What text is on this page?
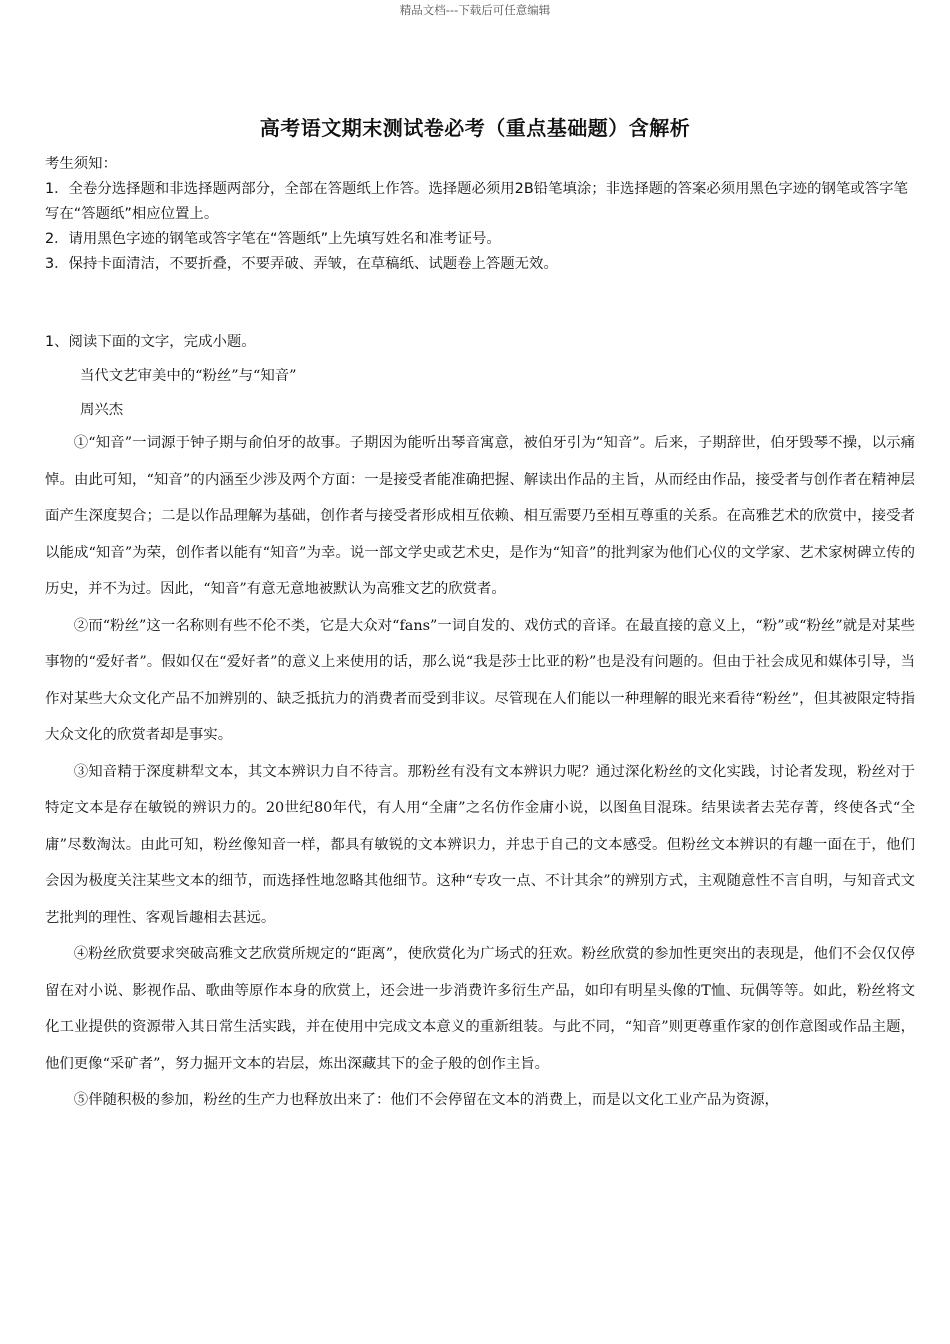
精品文档---下载后可任意编辑
高考语文期末测试卷必考（重点基础题）含解析
考生须知：
1．全卷分选择题和非选择题两部分，全部在答题纸上作答。选择题必须用2B铅笔填涂；非选择题的答案必须用黑色字迹的钢笔或答字笔写在“答题纸”相应位置上。
2．请用黑色字迹的钢笔或答字笔在“答题纸”上先填写姓名和准考证号。
3．保持卡面清洁，不要折叠，不要弄破、弄皱，在草稿纸、试题卷上答题无效。
1、阅读下面的文字，完成小题。
当代文艺审美中的“粉丝”与“知音”
周兴杰

①“知音”一词源于钟子期与俞伯牙的故事。子期因为能听出琴音寓意，被伯牙引为“知音”。后来，子期辞世，伯牙毁琴不操，以示痛悼。由此可知，“知音”的内涵至少涉及两个方面：一是接受者能准确把握、解读出作品的主旨，从而经由作品，接受者与创作者在精神层面产生深度契合；二是以作品理解为基础，创作者与接受者形成相互依赖、相互需要乃至相互尊重的关系。在高雅艺术的欣赏中，接受者以能成“知音”为荣，创作者以能有“知音”为幸。说一部文学史或艺术史，是作为“知音”的批判家为他们心仪的文学家、艺术家树碑立传的历史，并不为过。因此，“知音”有意无意地被默认为高雅文艺的欣赏者。

②而“粉丝”这一名称则有些不伦不类，它是大众对“fans”一词自发的、戏仿式的音译。在最直接的意义上，“粉”或“粉丝”就是对某些事物的“爱好者”。假如仅在“爱好者”的意义上来使用的话，那么说“我是莎士比亚的粉”也是没有问题的。但由于社会成见和媒体引导，当作对某些大众文化产品不加辨别的、缺乏抵抗力的消费者而受到非议。尽管现在人们能以一种理解的眼光来看待“粉丝”，但其被限定特指大众文化的欣赏者却是事实。

③知音精于深度耕犁文本，其文本辨识力自不待言。那粉丝有没有文本辨识力呢？通过深化粉丝的文化实践，讨论者发现，粉丝对于特定文本是存在敏锐的辨识力的。20世纪80年代，有人用“全庸”之名仿作金庸小说，以图鱼目混珠。结果读者去芜存菁，终使各式“全庸”尽数淘汰。由此可知，粉丝像知音一样，都具有敏锐的文本辨识力，并忠于自己的文本感受。但粉丝文本辨识的有趣一面在于，他们会因为极度关注某些文本的细节，而选择性地忽略其他细节。这种“专攻一点、不计其余”的辨别方式，主观随意性不言自明，与知音式文艺批判的理性、客观旨趣相去甚远。

④粉丝欣赏要求突破高雅文艺欣赏所规定的“距离”，使欣赏化为广场式的狂欢。粉丝欣赏的参加性更突出的表现是，他们不会仅仅停留在对小说、影视作品、歌曲等原作本身的欣赏上，还会进一步消费许多衍生产品，如印有明星头像的T恤、玩偶等等。如此，粉丝将文化工业提供的资源带入其日常生活实践，并在使用中完成文本意义的重新组装。与此不同，“知音”则更尊重作家的创作意图或作品主题，他们更像“采矿者”，努力掘开文本的岩层，炼出深藏其下的金子般的创作主旨。

⑤伴随积极的参加，粉丝的生产力也释放出来了：他们不会停留在文本的消费上，而是以文化工业产品为资源，
